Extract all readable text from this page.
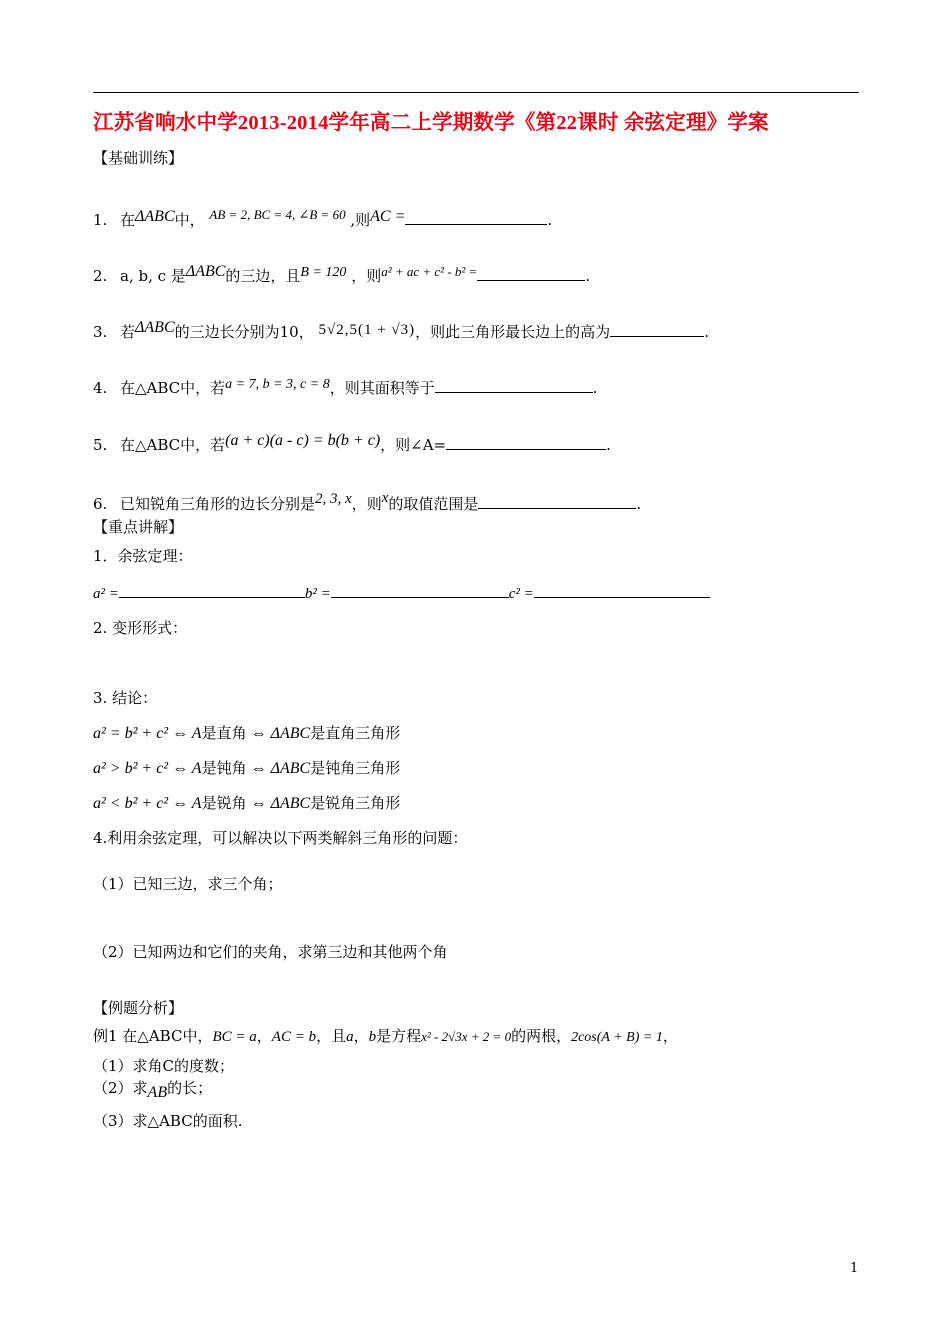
江苏省响水中学2013-2014学年高二上学期数学《第22课时 余弦定理》学案
【基础训练】
1. 在ΔABC中， AB = 2, BC = 4, ∠B = 60 ,则AC =	.
2. a, b, c 是ΔABC的三边，且B = 120 ，则a² + ac + c² - b² =	.
3. 若ΔABC的三边长分别为10， 5√2,5(1 + √3)，则此三角形最长边上的高为	.
4. 在△ABC中，若a = 7, b = 3, c = 8，则其面积等于	.
5. 在△ABC中，若(a + c)(a - c) = b(b + c)，则∠A=	.
6. 已知锐角三角形的边长分别是2, 3, x，则x的取值范围是	.
【重点讲解】
1．余弦定理：
a² =	b² =	c² =
2. 变形形式：
3. 结论：
a² = b² + c² ⇔ A是直角 ⇔ ΔABC是直角三角形
a² > b² + c² ⇔ A是钝角 ⇔ ΔABC是钝角三角形
a² < b² + c² ⇔ A是锐角 ⇔ ΔABC是锐角三角形
4.利用余弦定理，可以解决以下两类解斜三角形的问题：
（1）已知三边，求三个角；
（2）已知两边和它们的夹角，求第三边和其他两个角
【例题分析】
例1 在△ABC中，BC = a，AC = b，且a，b是方程x² - 2√3x + 2 = 0的两根，2cos(A + B) = 1，
（1）求角C的度数；
（2）求AB的长；
（3）求△ABC的面积.
1
